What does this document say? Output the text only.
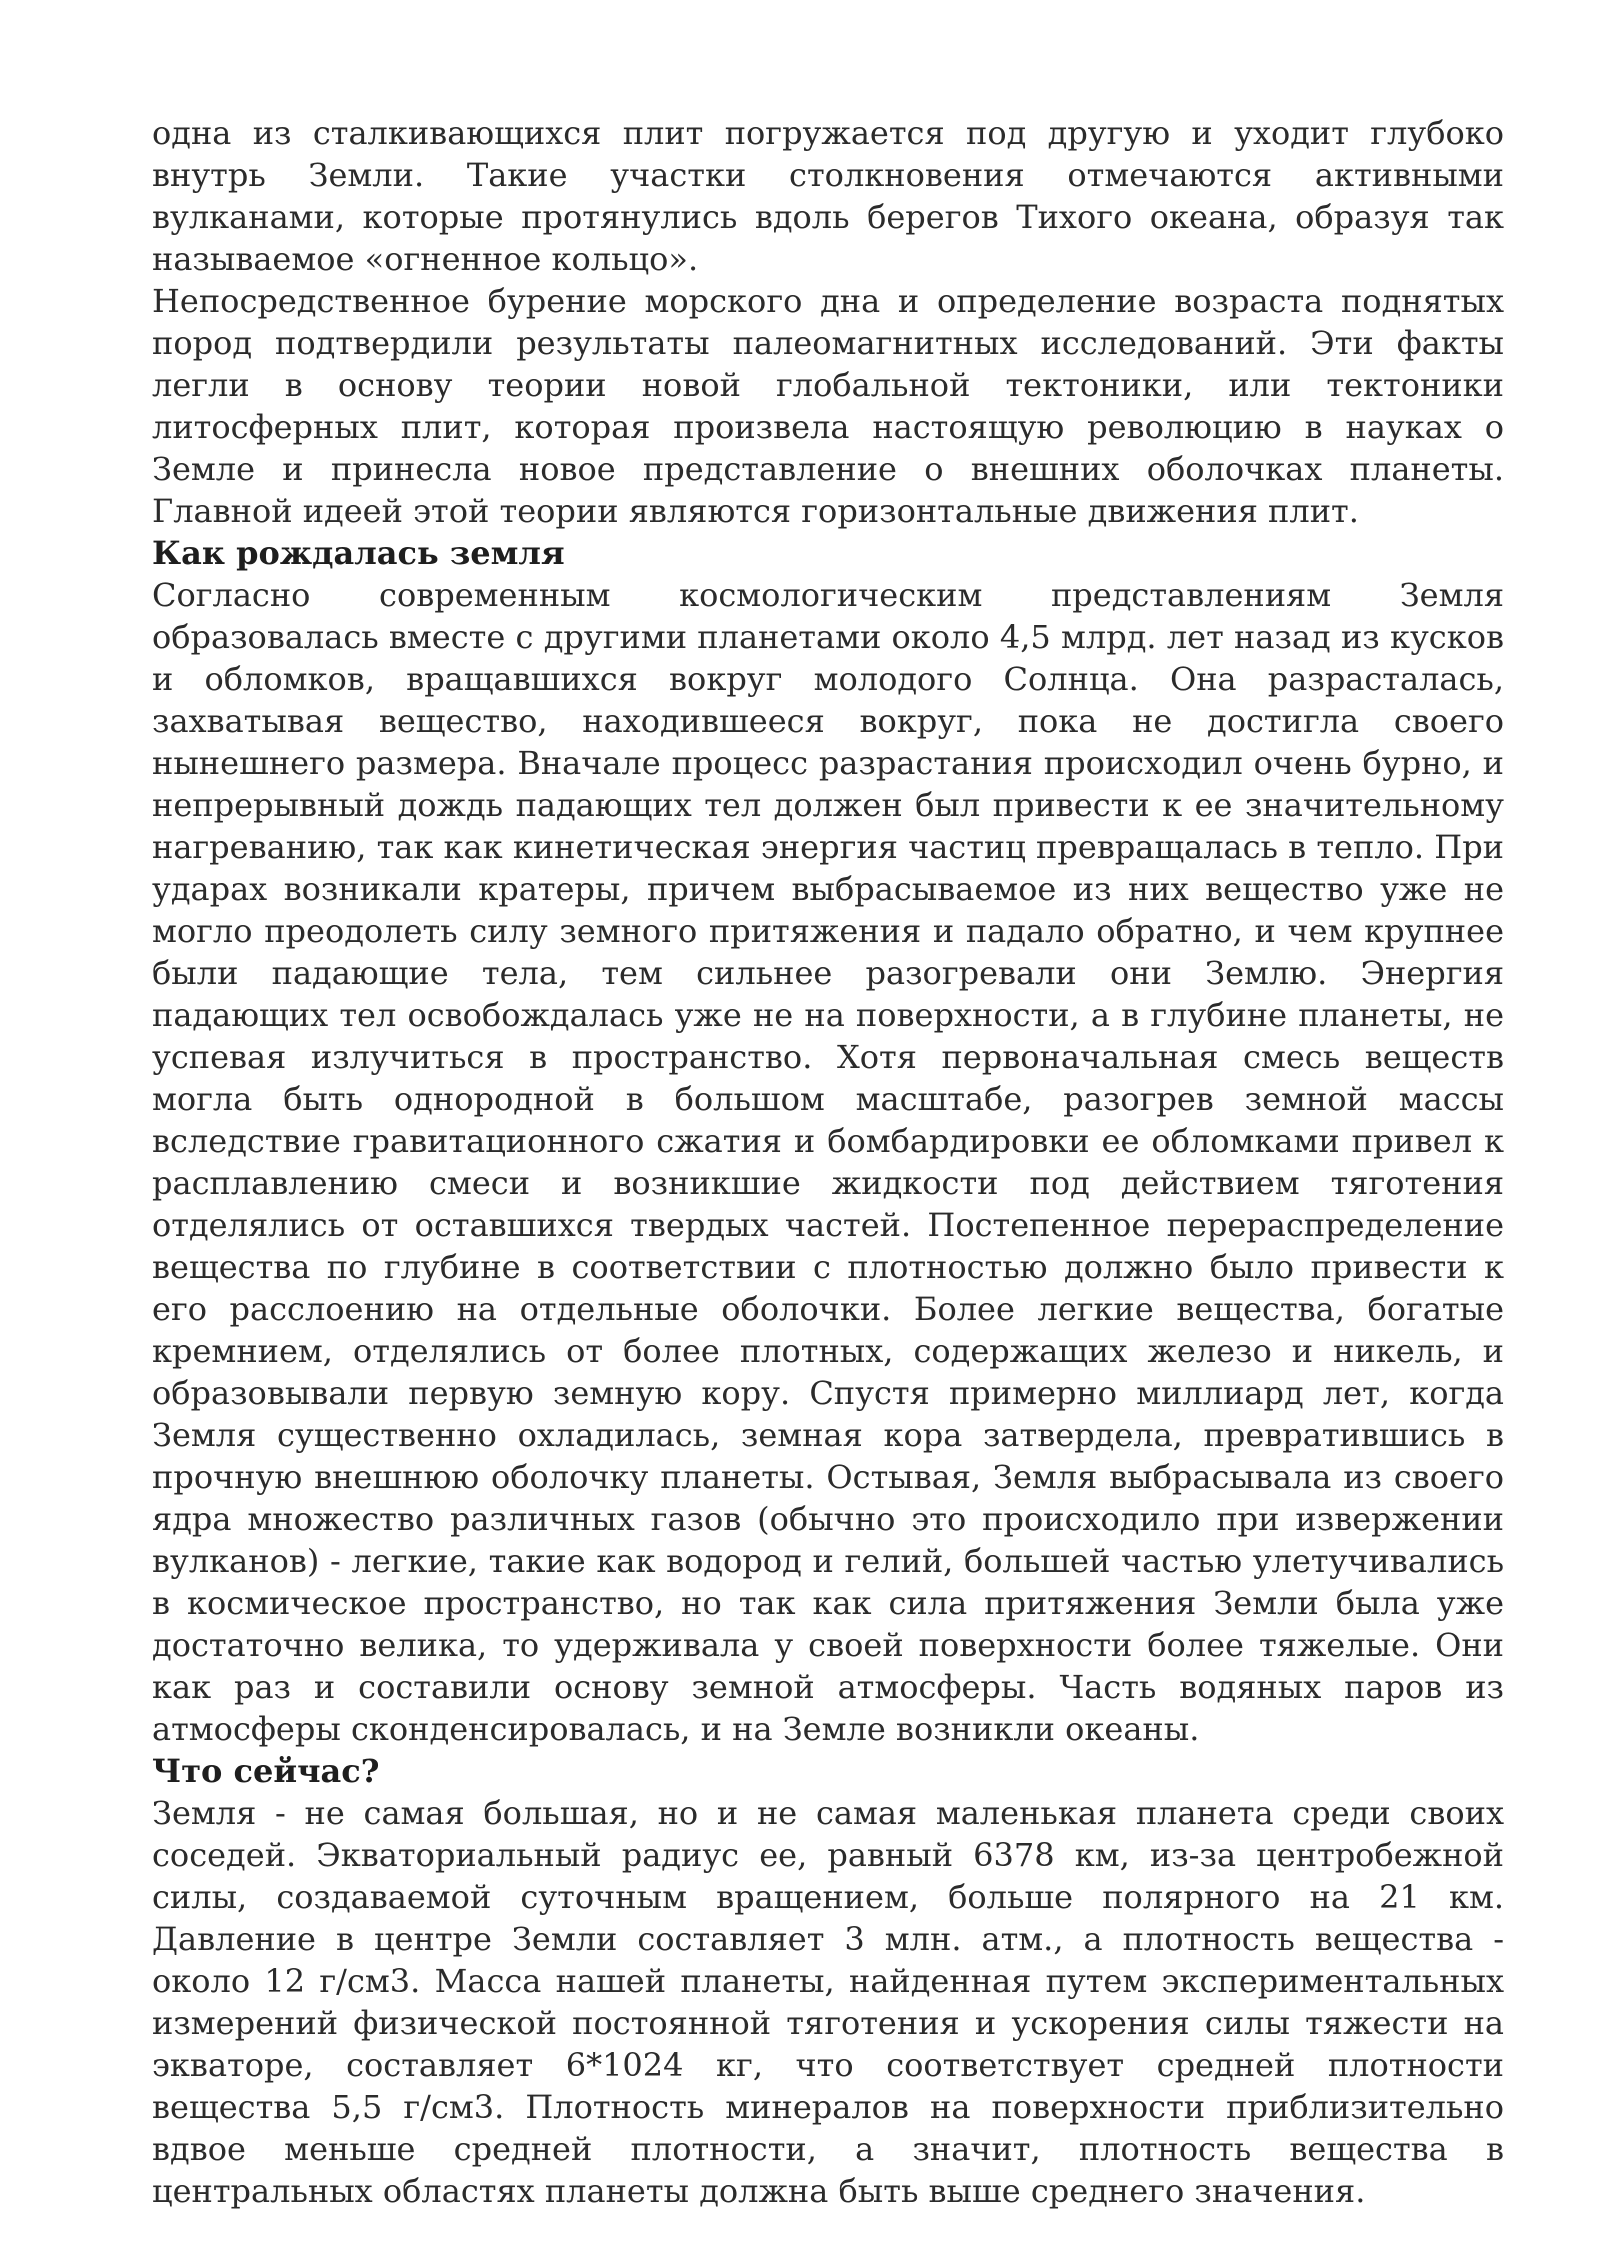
одна из сталкивающихся плит погружается под другую и уходит глубоко внутрь Земли. Такие участки столкновения отмечаются активными вулканами, которые протянулись вдоль берегов Тихого океана, образуя так называемое «огненное кольцо».

Непосредственное бурение морского дна и определение возраста поднятых пород подтвердили результаты палеомагнитных исследований. Эти факты легли в основу теории новой глобальной тектоники, или тектоники литосферных плит, которая произвела настоящую революцию в науках о Земле и принесла новое представление о внешних оболочках планеты. Главной идеей этой теории являются горизонтальные движения плит.

Как рождалась земля

Согласно современным космологическим представлениям Земля образовалась вместе с другими планетами около 4,5 млрд. лет назад из кусков и обломков, вращавшихся вокруг молодого Солнца. Она разрасталась, захватывая вещество, находившееся вокруг, пока не достигла своего нынешнего размера. Вначале процесс разрастания происходил очень бурно, и непрерывный дождь падающих тел должен был привести к ее значительному нагреванию, так как кинетическая энергия частиц превращалась в тепло. При ударах возникали кратеры, причем выбрасываемое из них вещество уже не могло преодолеть силу земного притяжения и падало обратно, и чем крупнее были падающие тела, тем сильнее разогревали они Землю. Энергия падающих тел освобождалась уже не на поверхности, а в глубине планеты, не успевая излучиться в пространство. Хотя первоначальная смесь веществ могла быть однородной в большом масштабе, разогрев земной массы вследствие гравитационного сжатия и бомбардировки ее обломками привел к расплавлению смеси и возникшие жидкости под действием тяготения отделялись от оставшихся твердых частей. Постепенное перераспределение вещества по глубине в соответствии с плотностью должно было привести к его расслоению на отдельные оболочки. Более легкие вещества, богатые кремнием, отделялись от более плотных, содержащих железо и никель, и образовывали первую земную кору. Спустя примерно миллиард лет, когда Земля существенно охладилась, земная кора затвердела, превратившись в прочную внешнюю оболочку планеты. Остывая, Земля выбрасывала из своего ядра множество различных газов (обычно это происходило при извержении вулканов) - легкие, такие как водород и гелий, большей частью улетучивались в космическое пространство, но так как сила притяжения Земли была уже достаточно велика, то удерживала у своей поверхности более тяжелые. Они как раз и составили основу земной атмосферы. Часть водяных паров из атмосферы сконденсировалась, и на Земле возникли океаны.

Что сейчас?

Земля - не самая большая, но и не самая маленькая планета среди своих соседей. Экваториальный радиус ее, равный 6378 км, из-за центробежной силы, создаваемой суточным вращением, больше полярного на 21 км. Давление в центре Земли составляет 3 млн. атм., а плотность вещества - около 12 г/см3. Масса нашей планеты, найденная путем экспериментальных измерений физической постоянной тяготения и ускорения силы тяжести на экваторе, составляет 6*1024 кг, что соответствует средней плотности вещества 5,5 г/см3. Плотность минералов на поверхности приблизительно вдвое меньше средней плотности, а значит, плотность вещества в центральных областях планеты должна быть выше среднего значения.
